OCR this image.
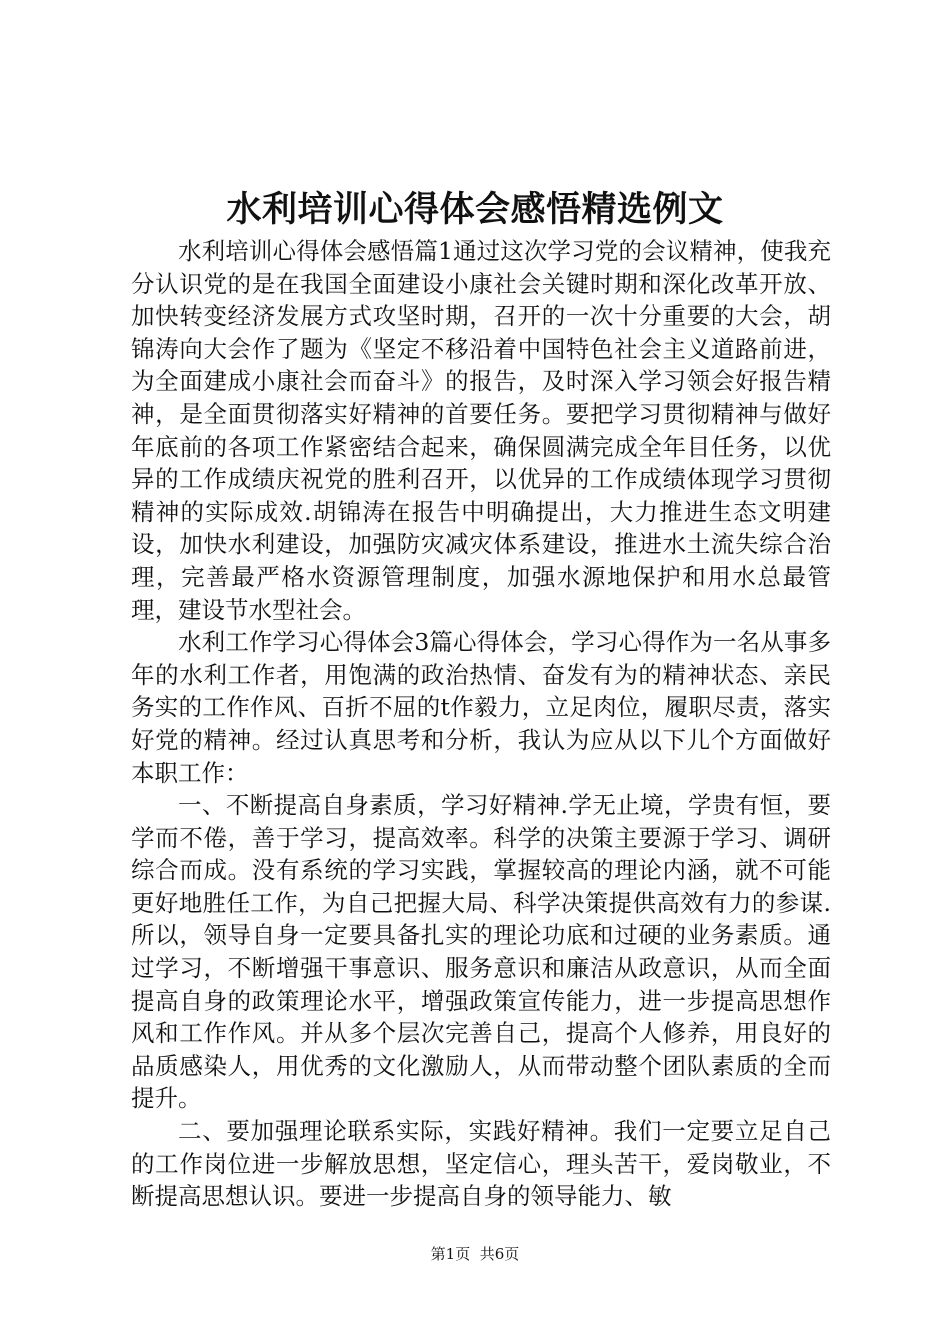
水利培训心得体会感悟精选例文

水利培训心得体会感悟篇1通过这次学习党的会议精神，使我充分认识党的是在我国全面建设小康社会关键时期和深化改革开放、加快转变经济发展方式攻坚时期，召开的一次十分重要的大会，胡锦涛向大会作了题为《坚定不移沿着中国特色社会主义道路前进，为全面建成小康社会而奋斗》的报告，及时深入学习领会好报告精神，是全面贯彻落实好精神的首要任务。要把学习贯彻精神与做好年底前的各项工作紧密结合起来，确保圆满完成全年目任务，以优异的工作成绩庆祝党的胜利召开，以优异的工作成绩体现学习贯彻精神的实际成效.胡锦涛在报告中明确提出，大力推进生态文明建设，加快水利建设，加强防灾减灾体系建设，推进水土流失综合治理，完善最严格水资源管理制度，加强水源地保护和用水总最管理，建设节水型社会。

水利工作学习心得体会3篇心得体会，学习心得作为一名从事多年的水利工作者，用饱满的政治热情、奋发有为的精神状态、亲民务实的工作作风、百折不屈的t作毅力，立足肉位，履职尽责，落实好党的精神。经过认真思考和分析，我认为应从以下儿个方面做好本职工作：

一、不断提高自身素质，学习好精神.学无止境，学贵有恒，要学而不倦，善于学习，提高效率。科学的决策主要源于学习、调研综合而成。没有系统的学习实践，掌握较高的理论内涵，就不可能更好地胜任工作，为自己把握大局、科学决策提供高效有力的参谋.所以，领导自身一定要具备扎实的理论功底和过硬的业务素质。通过学习，不断增强干事意识、服务意识和廉洁从政意识，从而全面提高自身的政策理论水平，增强政策宣传能力，进一步提高思想作风和工作作风。并从多个层次完善自己，提高个人修养，用良好的品质感染人，用优秀的文化激励人，从而带动整个团队素质的全而提升。

二、要加强理论联系实际，实践好精神。我们一定要立足自己的工作岗位进一步解放思想，坚定信心，理头苦干，爱岗敬业，不断提高思想认识。要进一步提高自身的领导能力、敏

第1页 共6页
